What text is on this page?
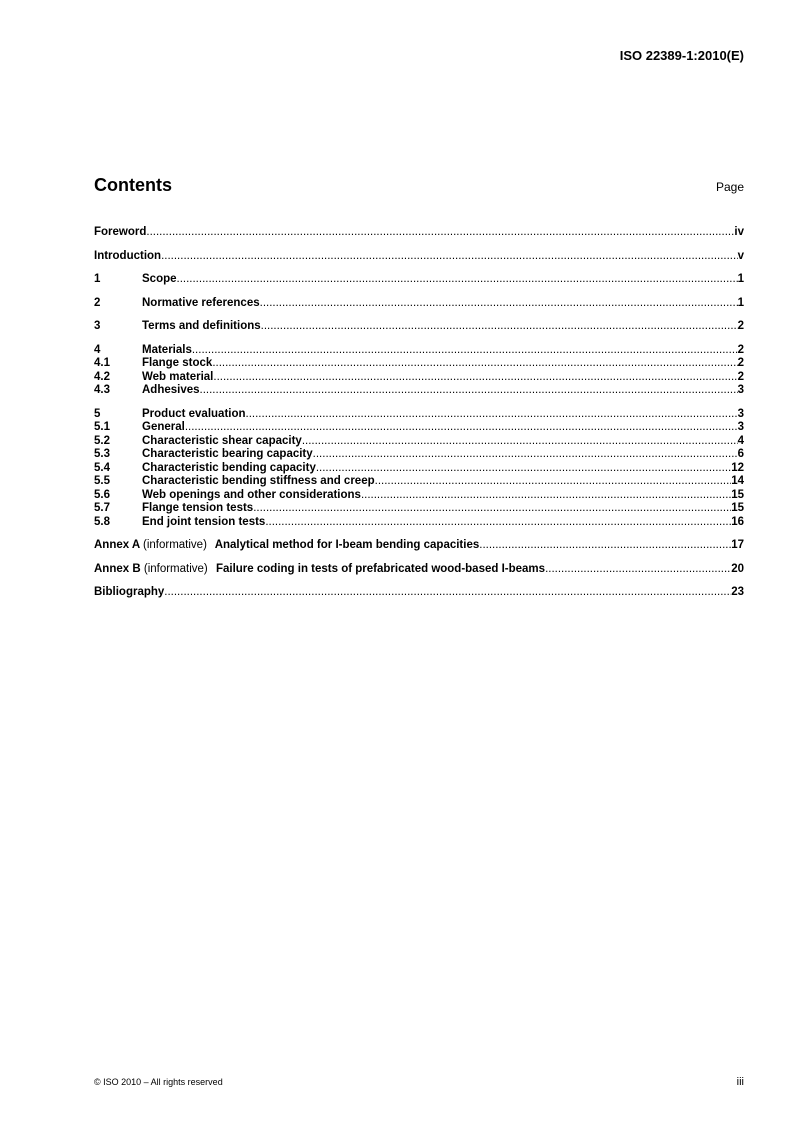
ISO 22389-1:2010(E)
Contents	Page
Foreword .....	iv
Introduction .....	v
1	Scope .....	1
2	Normative references .....	1
3	Terms and definitions .....	2
4	Materials .....	2
4.1	Flange stock .....	2
4.2	Web material .....	2
4.3	Adhesives .....	3
5	Product evaluation .....	3
5.1	General .....	3
5.2	Characteristic shear capacity .....	4
5.3	Characteristic bearing capacity .....	6
5.4	Characteristic bending capacity .....	12
5.5	Characteristic bending stiffness and creep .....	14
5.6	Web openings and other considerations .....	15
5.7	Flange tension tests .....	15
5.8	End joint tension tests .....	16
Annex A (informative) Analytical method for I-beam bending capacities .....	17
Annex B (informative) Failure coding in tests of prefabricated wood-based I-beams .....	20
Bibliography .....	23
© ISO 2010 – All rights reserved	iii
